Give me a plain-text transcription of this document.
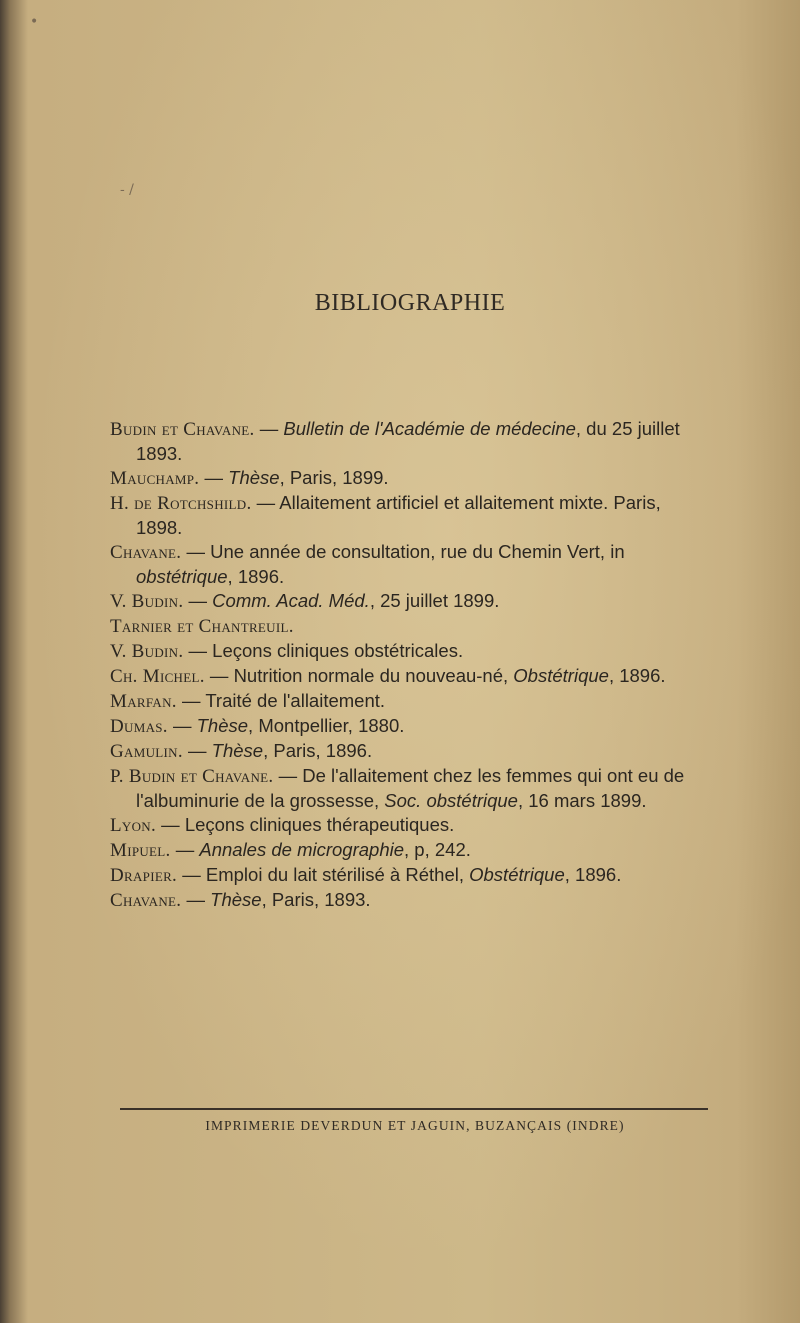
•
- /
BIBLIOGRAPHIE

Budin et Chavane. — Bulletin de l'Académie de médecine, du 25 juillet 1893.

Mauchamp. — Thèse, Paris, 1899.

H. de Rotchshild. — Allaitement artificiel et allaitement mixte. Paris, 1898.

Chavane. — Une année de consultation, rue du Chemin Vert, in obstétrique, 1896.

V. Budin. — Comm. Acad. Méd., 25 juillet 1899.

Tarnier et Chantreuil.

V. Budin. — Leçons cliniques obstétricales.

Ch. Michel. — Nutrition normale du nouveau-né, Obstétrique, 1896.

Marfan. — Traité de l'allaitement.

Dumas. — Thèse, Montpellier, 1880.

Gamulin. — Thèse, Paris, 1896.

P. Budin et Chavane. — De l'allaitement chez les femmes qui ont eu de l'albuminurie de la grossesse, Soc. obstétrique, 16 mars 1899.

Lyon. — Leçons cliniques thérapeutiques.

Mipuel. — Annales de micrographie, p, 242.

Drapier. — Emploi du lait stérilisé à Réthel, Obstétrique, 1896.

Chavane. — Thèse, Paris, 1893.

IMPRIMERIE DEVERDUN ET JAGUIN, BUZANÇAIS (INDRE)
